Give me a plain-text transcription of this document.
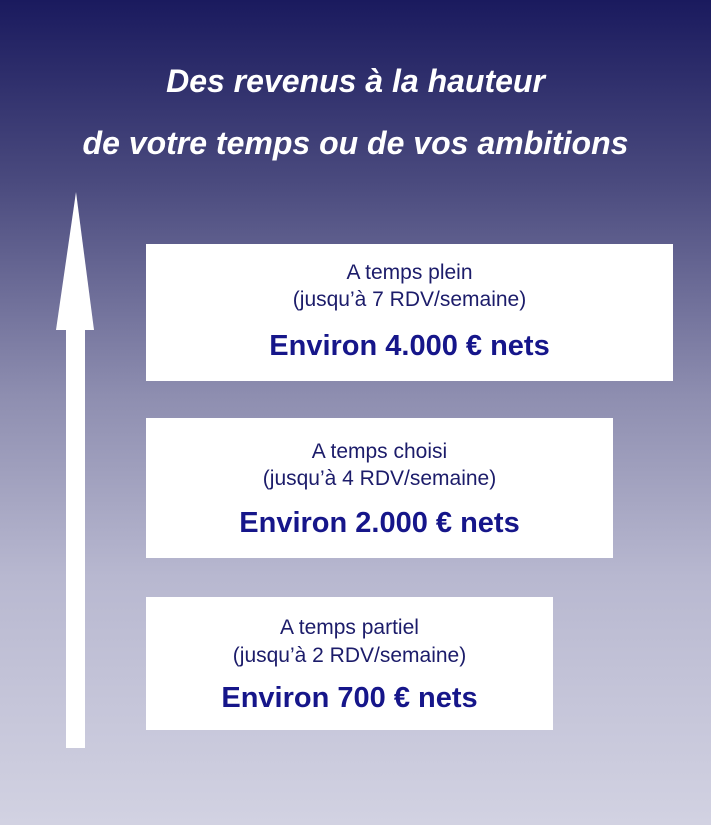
Des revenus à la hauteur
de votre temps ou de vos ambitions
A temps plein
(jusqu’à 7 RDV/semaine)
Environ 4.000 € nets
A temps choisi
(jusqu’à 4 RDV/semaine)
Environ 2.000 € nets
A temps partiel
(jusqu’à 2 RDV/semaine)
Environ 700 € nets
